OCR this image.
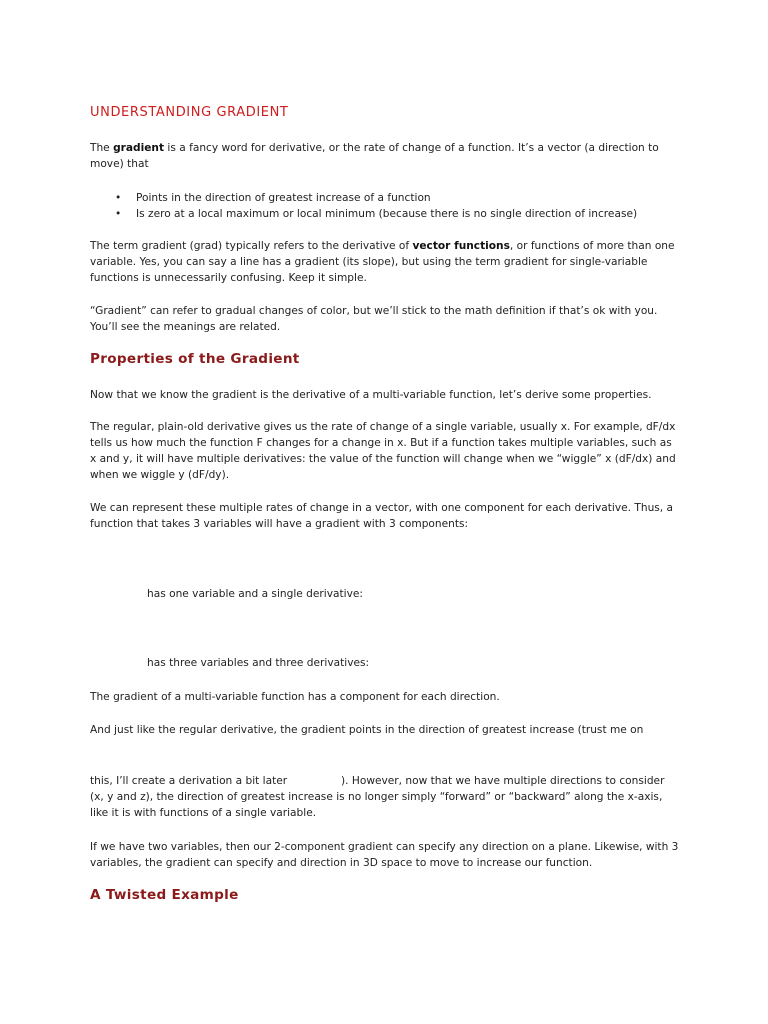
UNDERSTANDING GRADIENT

The gradient is a fancy word for derivative, or the rate of change of a function. It’s a vector (a direction to move) that

• Points in the direction of greatest increase of a function
• Is zero at a local maximum or local minimum (because there is no single direction of increase)

The term gradient (grad) typically refers to the derivative of vector functions, or functions of more than one variable. Yes, you can say a line has a gradient (its slope), but using the term gradient for single-variable functions is unnecessarily confusing. Keep it simple.

“Gradient” can refer to gradual changes of color, but we’ll stick to the math definition if that’s ok with you. You’ll see the meanings are related.

Properties of the Gradient

Now that we know the gradient is the derivative of a multi-variable function, let’s derive some properties.

The regular, plain-old derivative gives us the rate of change of a single variable, usually x. For example, dF/dx tells us how much the function F changes for a change in x. But if a function takes multiple variables, such as x and y, it will have multiple derivatives: the value of the function will change when we “wiggle” x (dF/dx) and when we wiggle y (dF/dy).

We can represent these multiple rates of change in a vector, with one component for each derivative. Thus, a function that takes 3 variables will have a gradient with 3 components:

has one variable and a single derivative:

has three variables and three derivatives:

The gradient of a multi-variable function has a component for each direction.

And just like the regular derivative, the gradient points in the direction of greatest increase (trust me on

this, I’ll create a derivation a bit later                ). However, now that we have multiple directions to consider (x, y and z), the direction of greatest increase is no longer simply “forward” or “backward” along the x-axis, like it is with functions of a single variable.

If we have two variables, then our 2-component gradient can specify any direction on a plane. Likewise, with 3 variables, the gradient can specify and direction in 3D space to move to increase our function.

A Twisted Example
